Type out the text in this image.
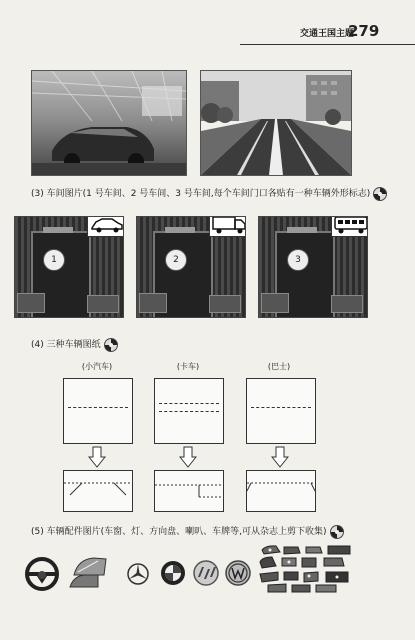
交通王国主题
279
(3) 车间图片(1 号车间、2 号车间、3 号车间,每个车间门口各贴有一种车辆外形标志)
1	2	3
(4) 三种车辆图纸
(小汽车)	(卡车)	(巴士)
(5) 车辆配件图片(车窗、灯、方向盘、喇叭、车牌等,可从杂志上剪下收集)
